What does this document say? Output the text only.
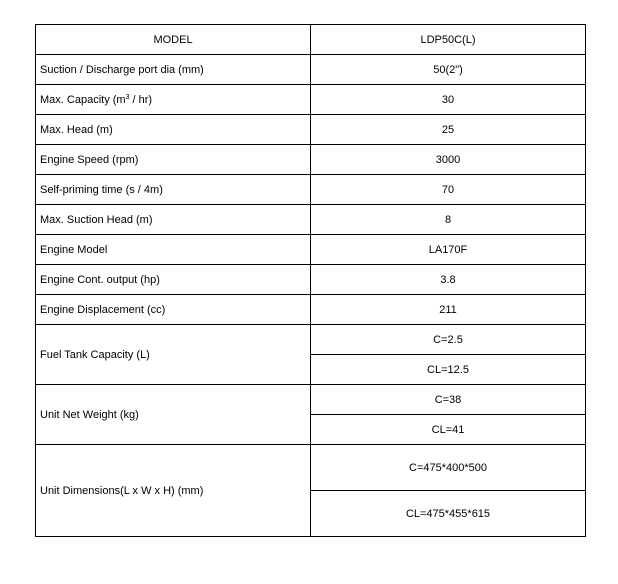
MODEL	LDP50C(L)
Suction / Discharge port dia (mm)	50(2")
Max. Capacity $(m^3 / hr)$	30
Max. Head (m)	25
Engine Speed (rpm)	3000
Self-priming time (s / 4m)	70
Max. Suction Head (m)	8
Engine Model	LA170F
Engine Cont. output (hp)	3.8
Engine Displacement (cc)	211
Fuel Tank Capacity (L)	C=2.5
	CL=12.5
Unit Net Weight (kg)	C=38
	CL=41
Unit Dimensions(L x W x H) (mm)	C=475*400*500
	CL=475*455*615
